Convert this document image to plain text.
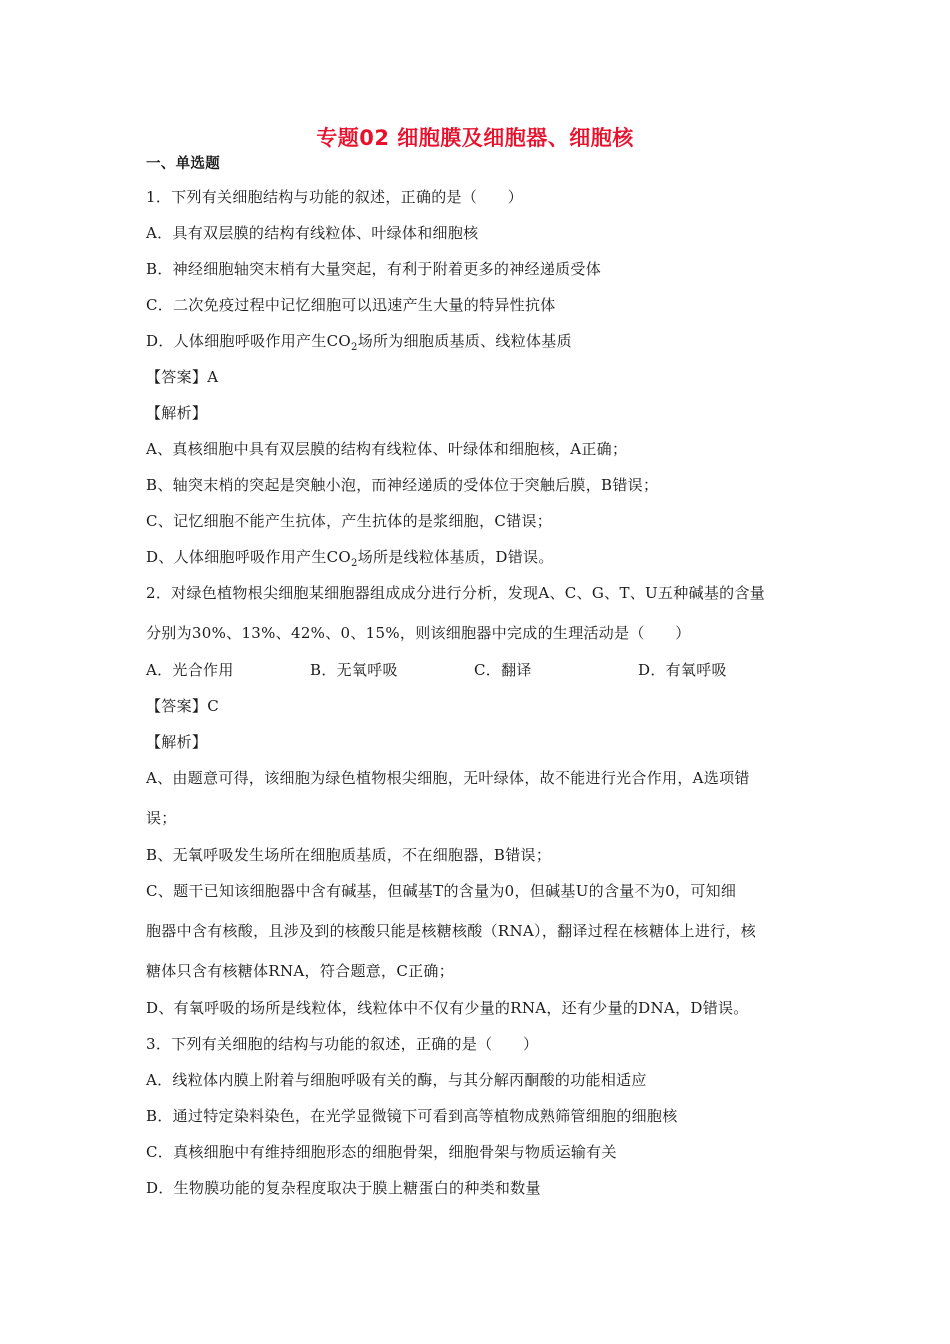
专题02 细胞膜及细胞器、细胞核
一、单选题
1．下列有关细胞结构与功能的叙述，正确的是（　　）
A．具有双层膜的结构有线粒体、叶绿体和细胞核
B．神经细胞轴突末梢有大量突起，有利于附着更多的神经递质受体
C．二次免疫过程中记忆细胞可以迅速产生大量的特异性抗体
D．人体细胞呼吸作用产生$CO_2$场所为细胞质基质、线粒体基质
【答案】A
【解析】
A、真核细胞中具有双层膜的结构有线粒体、叶绿体和细胞核，A正确；
B、轴突末梢的突起是突触小泡，而神经递质的受体位于突触后膜，B错误；
C、记忆细胞不能产生抗体，产生抗体的是浆细胞，C错误；
D、人体细胞呼吸作用产生$CO_2$场所是线粒体基质，D错误。
2．对绿色植物根尖细胞某细胞器组成成分进行分析，发现A、C、G、T、U五种碱基的含量
分别为30%、13%、42%、0、15%，则该细胞器中完成的生理活动是（　　）
A．光合作用	B．无氧呼吸	C．翻译	D．有氧呼吸
【答案】C
【解析】
A、由题意可得，该细胞为绿色植物根尖细胞，无叶绿体，故不能进行光合作用，A选项错
误；
B、无氧呼吸发生场所在细胞质基质，不在细胞器，B错误；
C、题干已知该细胞器中含有碱基，但碱基T的含量为0，但碱基U的含量不为0，可知细
胞器中含有核酸，且涉及到的核酸只能是核糖核酸（RNA），翻译过程在核糖体上进行，核
糖体只含有核糖体RNA，符合题意，C正确；
D、有氧呼吸的场所是线粒体，线粒体中不仅有少量的RNA，还有少量的DNA，D错误。
3．下列有关细胞的结构与功能的叙述，正确的是（　　）
A．线粒体内膜上附着与细胞呼吸有关的酶，与其分解丙酮酸的功能相适应
B．通过特定染料染色，在光学显微镜下可看到高等植物成熟筛管细胞的细胞核
C．真核细胞中有维持细胞形态的细胞骨架，细胞骨架与物质运输有关
D．生物膜功能的复杂程度取决于膜上糖蛋白的种类和数量
